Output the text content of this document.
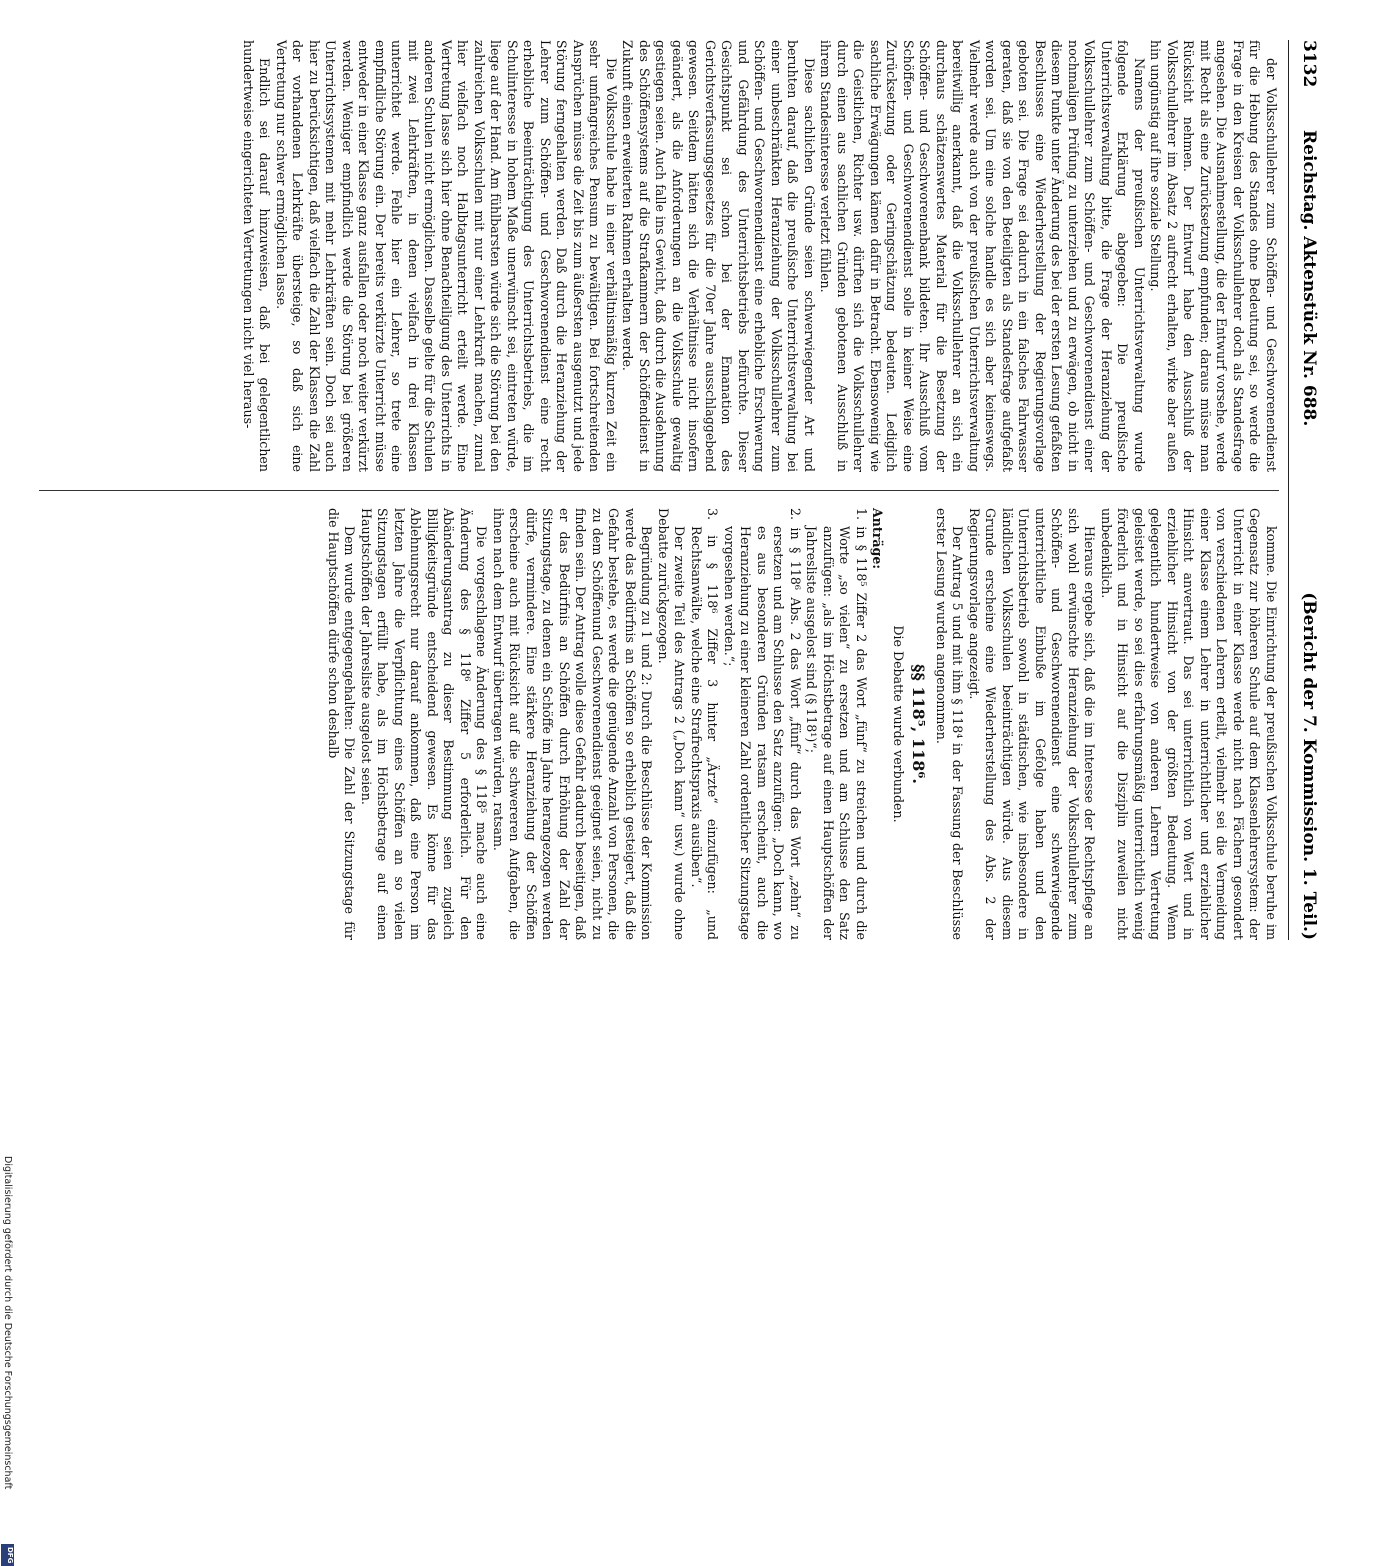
Digitalisierung gefördert durch die Deutsche Forschungsgemeinschaft
DFG
3132
Reichstag. Aktenstück Nr. 688.
(Bericht der 7. Kommission. 1. Teil.)

der Volksschullehrer zum Schöffen- und Geschworenendienst für die Hebung des Standes ohne Bedeutung sei, so werde die Frage in den Kreisen der Volksschullehrer doch als Standesfrage angesehen. Die Ausnahmestellung, die der Entwurf vorsehe, werde mit Recht als eine Zurücksetzung empfunden; daraus müsse man Rücksicht nehmen. Der Entwurf habe den Ausschluß der Volksschullehrer im Absatz 2 aufrecht erhalten, wirke aber außen hin ungünstig auf ihre soziale Stellung.

Namens der preußischen Unterrichtsverwaltung wurde folgende Erklärung abgegeben: Die preußische Unterrichtsverwaltung bitte, die Frage der Heranziehung der Volksschullehrer zum Schöffen- und Geschworenendienst einer nochmaligen Prüfung zu unterziehen und zu erwägen, ob nicht in diesem Punkte unter Änderung des bei der ersten Lesung gefaßten Beschlusses eine Wiederherstellung der Regierungsvorlage geboten sei. Die Frage sei dadurch in ein falsches Fahrwasser geraten, daß sie von den Beteiligten als Standesfrage aufgefaßt worden sei. Um eine solche handle es sich aber keineswegs. Vielmehr werde auch von der preußischen Unterrichtsverwaltung bereitwillig anerkannt, daß die Volksschullehrer an sich ein durchaus schätzenswertes Material für die Besetzung der Schöffen- und Geschworenenbank bildeten. Ihr Ausschluß vom Schöffen- und Geschworenendienst solle in keiner Weise eine Zurücksetzung oder Geringschätzung bedeuten. Lediglich sachliche Erwägungen kämen dafür in Betracht. Ebensowenig wie die Geistlichen, Richter usw. dürften sich die Volksschullehrer durch einen aus sachlichen Gründen gebotenen Ausschluß in ihrem Standesinteresse verletzt fühlen.

Diese sachlichen Gründe seien schwerwiegender Art und beruhten darauf, daß die preußische Unterrichtsverwaltung bei einer unbeschränkten Heranziehung der Volksschullehrer zum Schöffen- und Geschworenendienst eine erhebliche Erschwerung und Gefährdung des Unterrichtsbetriebs befürchte. Dieser Gesichtspunkt sei schon bei der Emanation des Gerichtsverfassungsgesetzes für die 70er Jahre ausschlaggebend gewesen. Seitdem hätten sich die Verhältnisse nicht insofern geändert, als die Anforderungen an die Volksschule gewaltig gestiegen seien. Auch falle ins Gewicht, daß durch die Ausdehnung des Schöffensystems auf die Strafkammern der Schöffendienst in Zukunft einen erweiterten Rahmen erhalten werde.

Die Volksschule habe in einer verhältnismäßig kurzen Zeit ein sehr umfangreiches Pensum zu bewältigen. Bei fortschreitenden Ansprüchen müsse die Zeit bis zum äußersten ausgenutzt und jede Störung ferngehalten werden. Daß durch die Heranziehung der Lehrer zum Schöffen- und Geschworenendienst eine recht erhebliche Beeinträchtigung des Unterrichtsbetriebs, die im Schulinteresse in hohem Maße unerwünscht sei, eintreten würde, liege auf der Hand. Am fühlbarsten würde sich die Störung bei den zahlreichen Volksschulen mit nur einer Lehrkraft machen, zumal hier vielfach noch Halbtagsunterricht erteilt werde. Eine Vertretung lasse sich hier ohne Benachteiligung des Unterrichts in anderen Schulen nicht ermöglichen. Dasselbe gelte für die Schulen mit zwei Lehrkräften, in denen vielfach in drei Klassen unterrichtet werde. Fehle hier ein Lehrer, so trete eine empfindliche Störung ein. Der bereits verkürzte Unterricht müsse entweder in einer Klasse ganz ausfallen oder noch weiter verkürzt werden. Weniger empfindlich werde die Störung bei größeren Unterrichtssystemen mit mehr Lehrkräften sein. Doch sei auch hier zu berücksichtigen, daß vielfach die Zahl der Klassen die Zahl der vorhandenen Lehrkräfte übersteige, so daß sich eine Vertretung nur schwer ermöglichen lasse.

Endlich sei darauf hinzuweisen, daß bei gelegentlichen hundertweise eingerichteten Vertretungen nicht viel heraus-

komme. Die Einrichtung der preußischen Volksschule beruhe im Gegensatz zur höheren Schule auf dem Klassenlehrersystem: der Unterricht in einer Klasse werde nicht nach Fächern gesondert von verschiedenen Lehrern erteilt, vielmehr sei die Vermeidung einer Klasse einem Lehrer in unterrichtlicher und erziehlicher Hinsicht anvertraut. Das sei unterrichtlich von Wert und in erziehlicher Hinsicht von der größten Bedeutung. Wenn gelegentlich hundertweise von anderen Lehrern Vertretung geleistet werde, so sei dies erfahrungsmäßig unterrichtlich wenig förderlich und in Hinsicht auf die Disziplin zuweilen nicht unbedenklich.

Hieraus ergebe sich, daß die im Interesse der Rechtspflege an sich wohl erwünschte Heranziehung der Volksschullehrer zum Schöffen- und Geschworenendienst eine schwerwiegende unterrichtliche Einbuße im Gefolge haben und den Unterrichtsbetrieb sowohl in städtischen, wie insbesondere in ländlichen Volksschulen beeinträchtigen würde. Aus diesem Grunde erscheine eine Wiederherstellung des Abs. 2 der Regierungsvorlage angezeigt.

Der Antrag 5 und mit ihm § 118⁴ in der Fassung der Beschlüsse erster Lesung wurden angenommen.

§§ 118⁵, 118⁶.
Die Debatte wurde verbunden.

Anträge:

1. in § 118⁵ Ziffer 2 das Wort „fünf“ zu streichen und durch die Worte „so vielen“ zu ersetzen und am Schlusse den Satz anzufügen: „als im Höchstbetrage auf einen Hauptschöffen der Jahresliste ausgelost sind (§ 118¹)“;

2. in § 118⁶ Abs. 2 das Wort „fünf“ durch das Wort „zehn“ zu ersetzen und am Schlusse den Satz anzufügen: „Doch kann, wo es aus besonderen Gründen ratsam erscheint, auch die Heranziehung zu einer kleineren Zahl ordentlicher Sitzungstage vorgesehen werden.“;

3. in § 118⁶ Ziffer 3 hinter „Ärzte“ einzufügen: „und Rechtsanwälte, welche eine Strafrechtspraxis ausüben“.

Der zweite Teil des Antrags 2 („Doch kann“ usw.) wurde ohne Debatte zurückgezogen.

Begründung zu 1 und 2: Durch die Beschlüsse der Kommission werde das Bedürfnis an Schöffen so erheblich gesteigert, daß die Gefahr bestehe, es werde die genügende Anzahl von Personen, die zu dem Schöffenund Geschworenendienst geeignet seien, nicht zu finden sein. Der Antrag wolle diese Gefahr dadurch beseitigen, daß er das Bedürfnis an Schöffen durch Erhöhung der Zahl der Sitzungstage, zu denen ein Schöffe im Jahre herangezogen werden dürfe, vermindere. Eine stärkere Heranziehung der Schöffen erscheine auch mit Rücksicht auf die schwereren Aufgaben, die ihnen nach dem Entwurf übertragen würden, ratsam.

Die vorgeschlagene Änderung des § 118⁵ mache auch eine Änderung des § 118⁶ Ziffer 5 erforderlich. Für den Abänderungsantrag zu dieser Bestimmung seien zugleich Billigkeitsgründe entscheidend gewesen. Es könne für das Ablehnungsrecht nur darauf ankommen, daß eine Person im letzten Jahre die Verpflichtung eines Schöffen an so vielen Sitzungstagen erfüllt habe, als im Höchstbetrage auf einen Hauptschöffen der Jahresliste ausgelost seien.

Dem wurde entgegengehalten: Die Zahl der Sitzungstage für die Hauptschöffen dürfe schon deshalb
